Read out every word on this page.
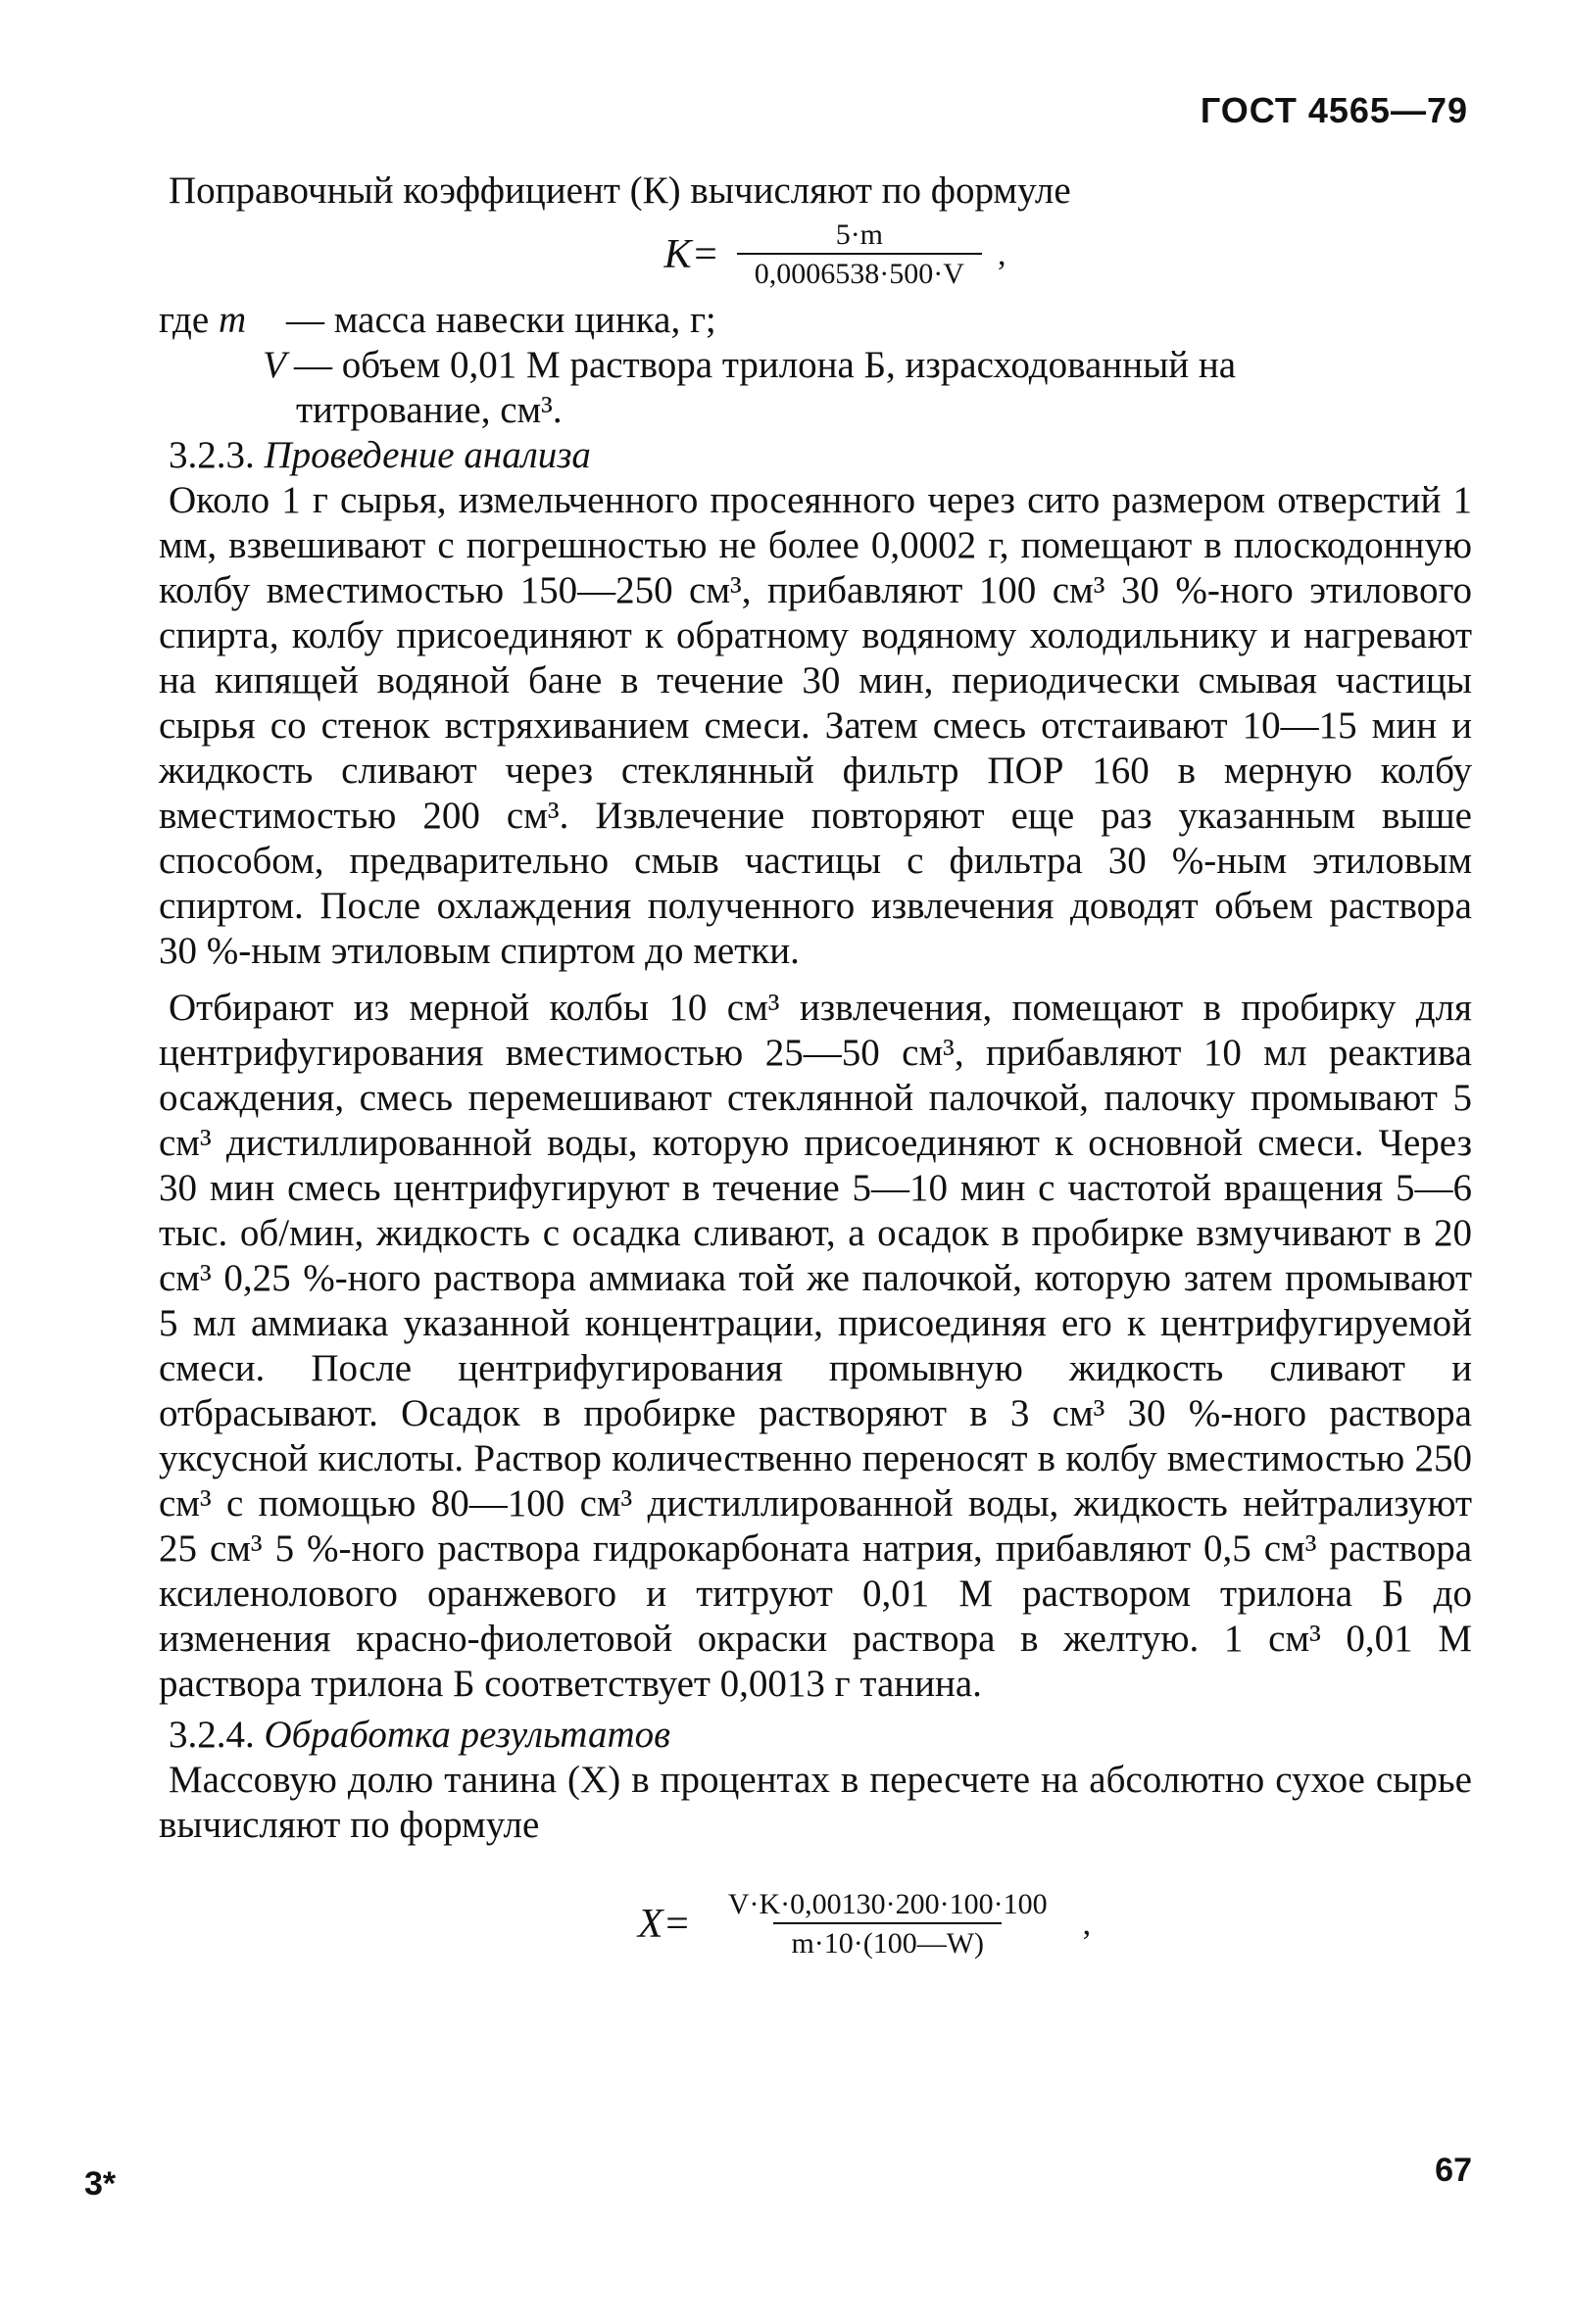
ГОСТ 4565—79

Поправочный коэффициент (К) вычисляют по формуле

$К= \frac{5\cdot m}{0,0006538\cdot 500\cdot V}$ ,
где m	— масса навески цинка, г;
V — объем 0,01 М раствора трилона Б, израсходованный на
титрование, см³.

3.2.3. Проведение анализа

Около 1 г сырья, измельченного просеянного через сито размером отверстий 1 мм, взвешивают с погрешностью не более 0,0002 г, помещают в плоскодонную колбу вместимостью 150—250 см³, прибавляют 100 см³ 30 %-ного этилового спирта, колбу присоединяют к обратному водяному холодильнику и нагревают на кипящей водяной бане в течение 30 мин, периодически смывая частицы сырья со стенок встряхиванием смеси. Затем смесь отстаивают 10—15 мин и жидкость сливают через стеклянный фильтр ПОР 160 в мерную колбу вместимостью 200 см³. Извлечение повторяют еще раз указанным выше способом, предварительно смыв частицы с фильтра 30 %-ным этиловым спиртом. После охлаждения полученного извлечения доводят объем раствора 30 %-ным этиловым спиртом до метки.

Отбирают из мерной колбы 10 см³ извлечения, помещают в пробирку для центрифугирования вместимостью 25—50 см³, прибавляют 10 мл реактива осаждения, смесь перемешивают стеклянной палочкой, палочку промывают 5 см³ дистиллированной воды, которую присоединяют к основной смеси. Через 30 мин смесь центрифугируют в течение 5—10 мин с частотой вращения 5—6 тыс. об/мин, жидкость с осадка сливают, а осадок в пробирке взмучивают в 20 см³ 0,25 %-ного раствора аммиака той же палочкой, которую затем промывают 5 мл аммиака указанной концентрации, присоединяя его к центрифугируемой смеси. После центрифугирования промывную жидкость сливают и отбрасывают. Осадок в пробирке растворяют в 3 см³ 30 %-ного раствора уксусной кислоты. Раствор количественно переносят в колбу вместимостью 250 см³ с помощью 80—100 см³ дистиллированной воды, жидкость нейтрализуют 25 см³ 5 %-ного раствора гидрокарбоната натрия, прибавляют 0,5 см³ раствора ксиленолового оранжевого и титруют 0,01 М раствором трилона Б до изменения красно-фиолетовой окраски раствора в желтую. 1 см³ 0,01 М раствора трилона Б соответствует 0,0013 г танина.

3.2.4. Обработка результатов

Массовую долю танина (X) в процентах в пересчете на абсолютно сухое сырье вычисляют по формуле

$X= \frac{V\cdot K\cdot 0,00130\cdot 200\cdot 100\cdot 100}{m\cdot 10\cdot(100—W)}$ ,
3*	67
